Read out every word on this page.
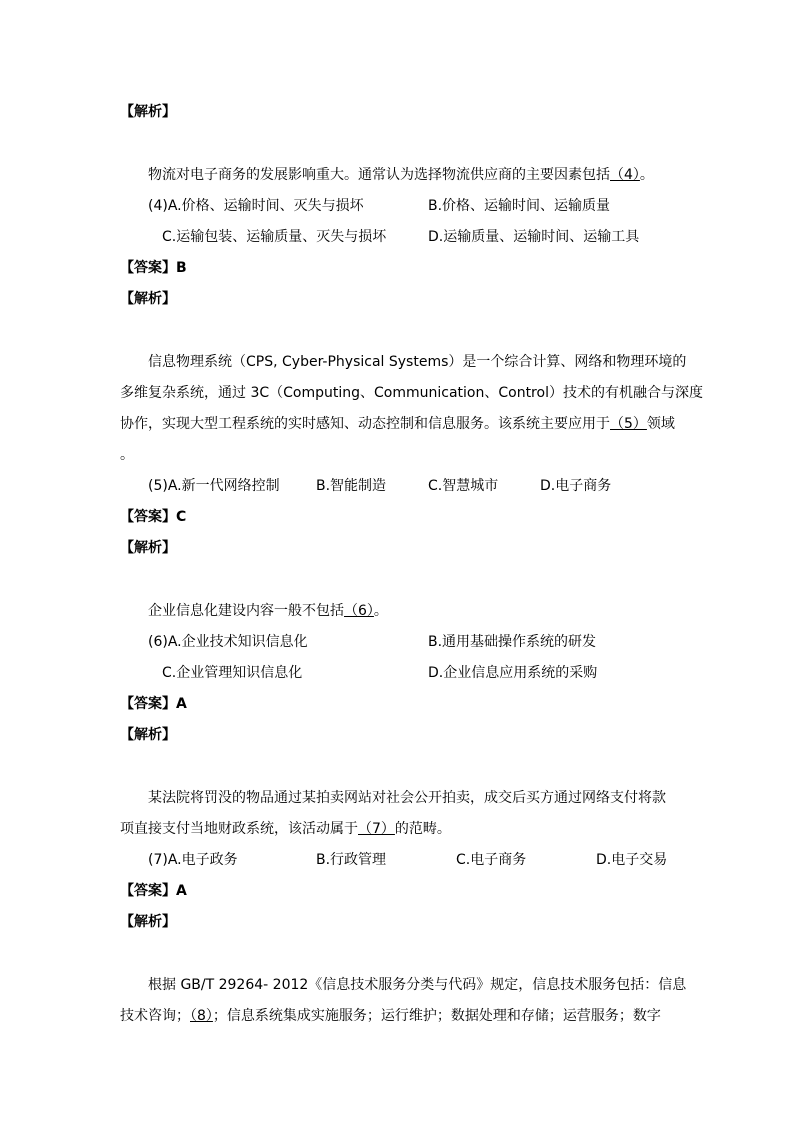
【解析】
物流对电子商务的发展影响重大。通常认为选择物流供应商的主要因素包括（4）。
(4)A.价格、运输时间、灭失与损坏	B.价格、运输时间、运输质量
C.运输包装、运输质量、灭失与损坏	D.运输质量、运输时间、运输工具
【答案】B
【解析】
信息物理系统（CPS, Cyber-Physical Systems）是一个综合计算、网络和物理环境的
多维复杂系统，通过 3C（Computing、Communication、Control）技术的有机融合与深度
协作，实现大型工程系统的实时感知、动态控制和信息服务。该系统主要应用于（5）领域
。
(5)A.新一代网络控制	B.智能制造	C.智慧城市	D.电子商务
【答案】C
【解析】
企业信息化建设内容一般不包括（6）。
(6)A.企业技术知识信息化	B.通用基础操作系统的研发
C.企业管理知识信息化	D.企业信息应用系统的采购
【答案】A
【解析】
某法院将罚没的物品通过某拍卖网站对社会公开拍卖，成交后买方通过网络支付将款
项直接支付当地财政系统，该活动属于（7）的范畴。
(7)A.电子政务	B.行政管理	C.电子商务	D.电子交易
【答案】A
【解析】
根据 GB/T 29264- 2012《信息技术服务分类与代码》规定，信息技术服务包括：信息
技术咨询；（8）；信息系统集成实施服务；运行维护；数据处理和存储；运营服务；数字
